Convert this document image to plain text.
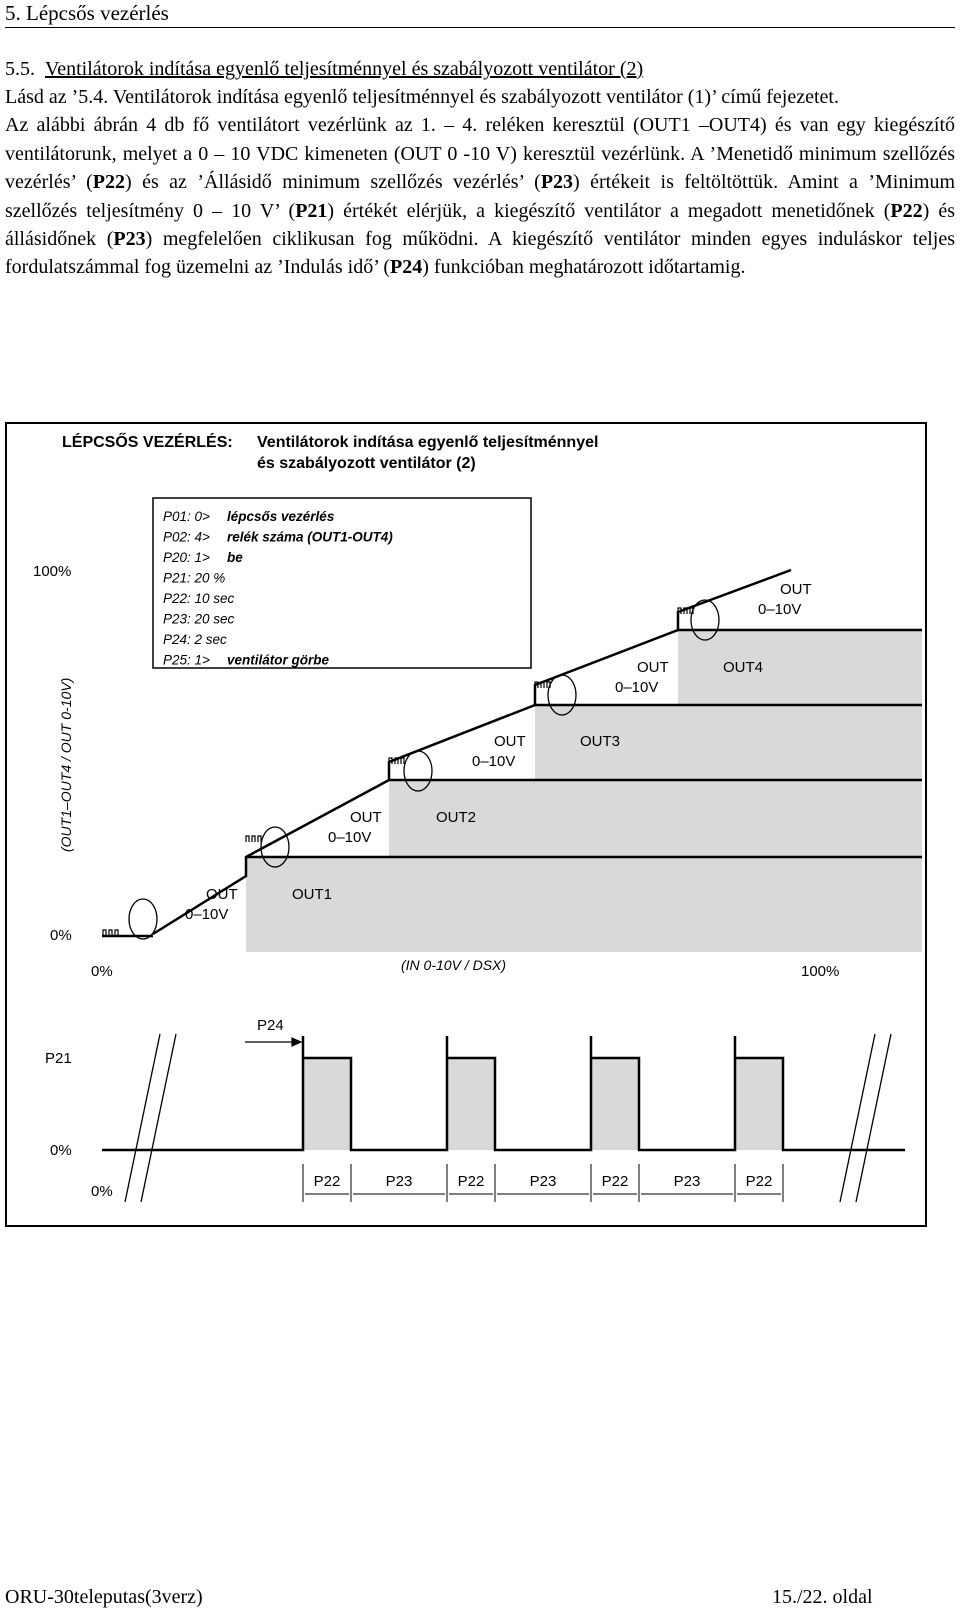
5. Lépcsős vezérlés
5.5. Ventilátorok indítása egyenlő teljesítménnyel és szabályozott ventilátor (2)

Lásd az ’5.4. Ventilátorok indítása egyenlő teljesítménnyel és szabályozott ventilátor (1)’ című fejezetet.

Az alábbi ábrán 4 db fő ventilátort vezérlünk az 1. – 4. reléken keresztül (OUT1 –OUT4) és van egy kiegészítő ventilátorunk, melyet a 0 – 10 VDC kimeneten (OUT 0 -10 V) keresztül vezérlünk. A ’Menetidő minimum szellőzés vezérlés’ (P22) és az ’Állásidő minimum szellőzés vezérlés’ (P23) értékeit is feltöltöttük. Amint a ’Minimum szellőzés teljesítmény 0 – 10 V’ (P21) értékét elérjük, a kiegészítő ventilátor a megadott menetidőnek (P22) és állásidőnek (P23) megfelelően ciklikusan fog működni. A kiegészítő ventilátor minden egyes induláskor teljes fordulatszámmal fog üzemelni az ’Indulás idő’ (P24) funkcióban meghatározott időtartamig.

LÉPCSŐS VEZÉRLÉS: Ventilátorok indítása egyenlő teljesítménnyel
és szabályozott ventilátor (2)
P01: 0> lépcsős vezérlés
P02: 4> relék száma (OUT1-OUT4)
P20: 1> be
P21: 20 %
P22: 10 sec
P23: 20 sec
P24: 2 sec
P25: 1> ventilátor görbe
100%
0%
(OUT1–OUT4 / OUT 0-10V)
0%	100%
(IN 0-10V / DSX)
OUT1
OUT2
OUT3
OUT4
OUT
0–10V
OUT
0–10V
OUT
0–10V
OUT
0–10V
OUT
0–10V
P24
P21
0%
0%
P22	P23	P22	P23	P22	P23	P22
ORU-30teleputas(3verz)	15./22. oldal
